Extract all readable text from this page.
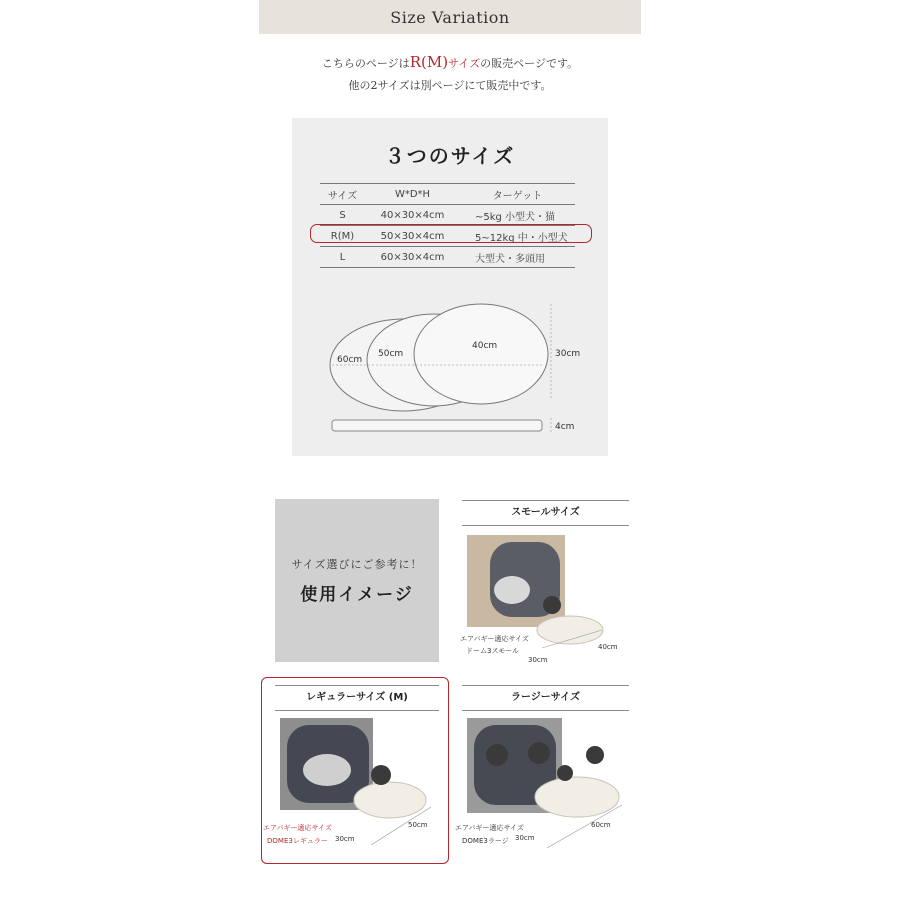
Size Variation
こちらのページはR(M)サイズの販売ページです。
他の2サイズは別ページにて販売中です。
３つのサイズ
サイズ	W*D*H	ターゲット
S	40×30×4cm	~5kg 小型犬・猫
R(M)	50×30×4cm	5~12kg 中・小型犬
L	60×30×4cm	大型犬・多頭用
60cm
50cm
40cm
30cm
4cm
サイズ選びにご参考に！
使用イメージ
スモールサイズ
40cm
30cm
エアバギー適応サイズ
ドーム3スモール
レギュラーサイズ (M)
50cm
30cm
エアバギー適応サイズ
DOME3レギュラー
ラージーサイズ
60cm
30cm
エアバギー適応サイズ
DOME3ラージ
